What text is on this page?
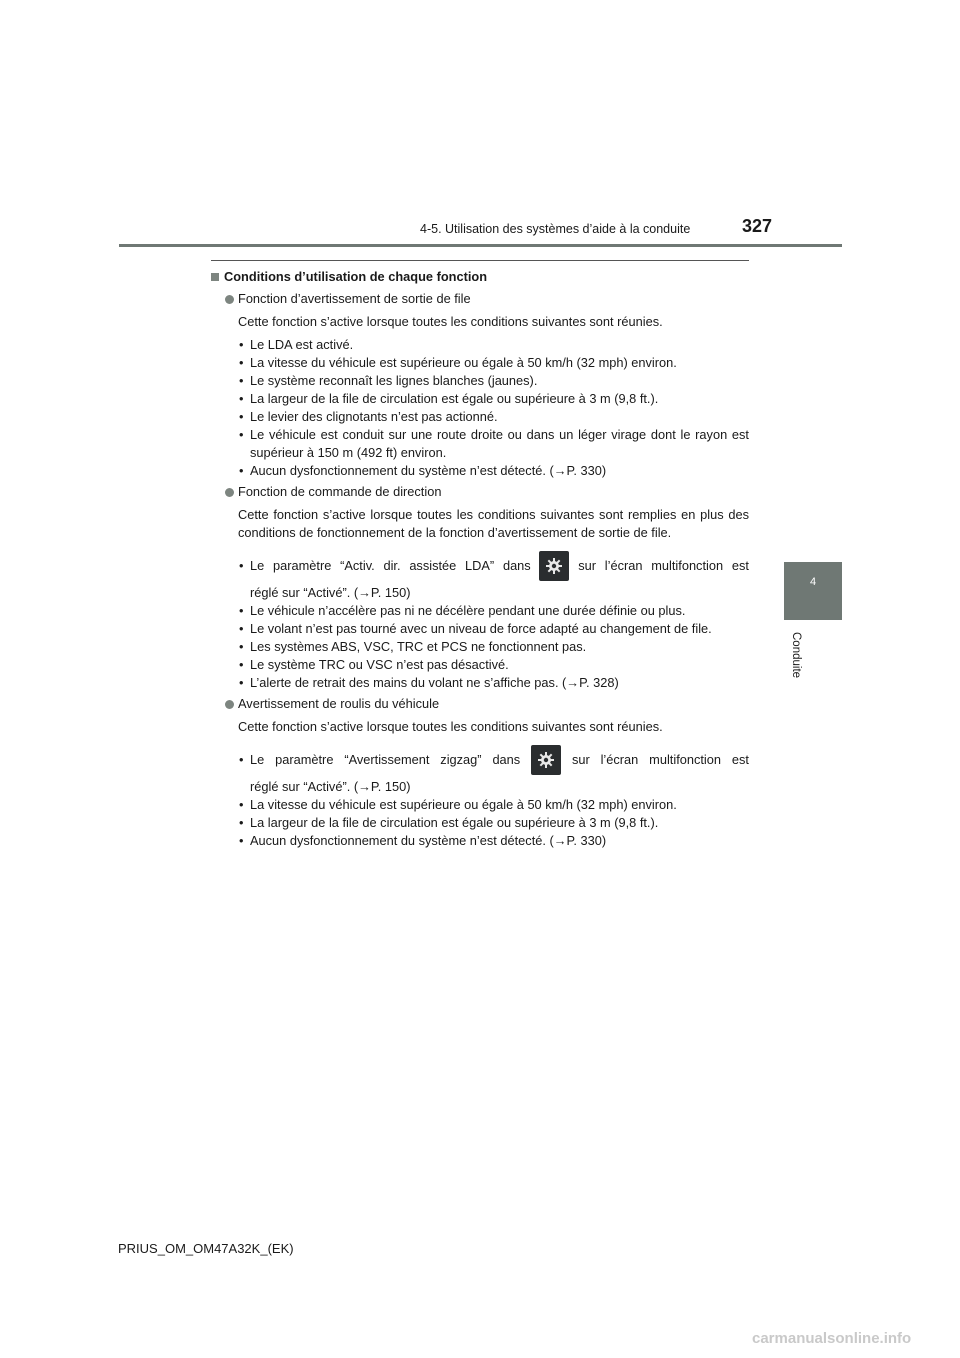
4-5. Utilisation des systèmes d’aide à la conduite	327
4
Conduite
Conditions d’utilisation de chaque fonction
Fonction d’avertissement de sortie de file
Cette fonction s’active lorsque toutes les conditions suivantes sont réunies.
• Le LDA est activé.
• La vitesse du véhicule est supérieure ou égale à 50 km/h (32 mph) environ.
• Le système reconnaît les lignes blanches (jaunes).
• La largeur de la file de circulation est égale ou supérieure à 3 m (9,8 ft.).
• Le levier des clignotants n’est pas actionné.
• Le véhicule est conduit sur une route droite ou dans un léger virage dont le rayon est supérieur à 150 m (492 ft) environ.
• Aucun dysfonctionnement du système n’est détecté. (→P. 330)
Fonction de commande de direction
Cette fonction s’active lorsque toutes les conditions suivantes sont remplies en plus des conditions de fonctionnement de la fonction d’avertissement de sortie de file.
• Le paramètre “Activ. dir. assistée LDA” dans	sur l’écran multifonction est
réglé sur “Activé”. (→P. 150)
• Le véhicule n’accélère pas ni ne décélère pendant une durée définie ou plus.
• Le volant n’est pas tourné avec un niveau de force adapté au changement de file.
• Les systèmes ABS, VSC, TRC et PCS ne fonctionnent pas.
• Le système TRC ou VSC n’est pas désactivé.
• L’alerte de retrait des mains du volant ne s’affiche pas. (→P. 328)
Avertissement de roulis du véhicule
Cette fonction s’active lorsque toutes les conditions suivantes sont réunies.
• Le paramètre “Avertissement zigzag” dans	sur l’écran multifonction est
réglé sur “Activé”. (→P. 150)
• La vitesse du véhicule est supérieure ou égale à 50 km/h (32 mph) environ.
• La largeur de la file de circulation est égale ou supérieure à 3 m (9,8 ft.).
• Aucun dysfonctionnement du système n’est détecté. (→P. 330)
PRIUS_OM_OM47A32K_(EK)
carmanualsonline.info
